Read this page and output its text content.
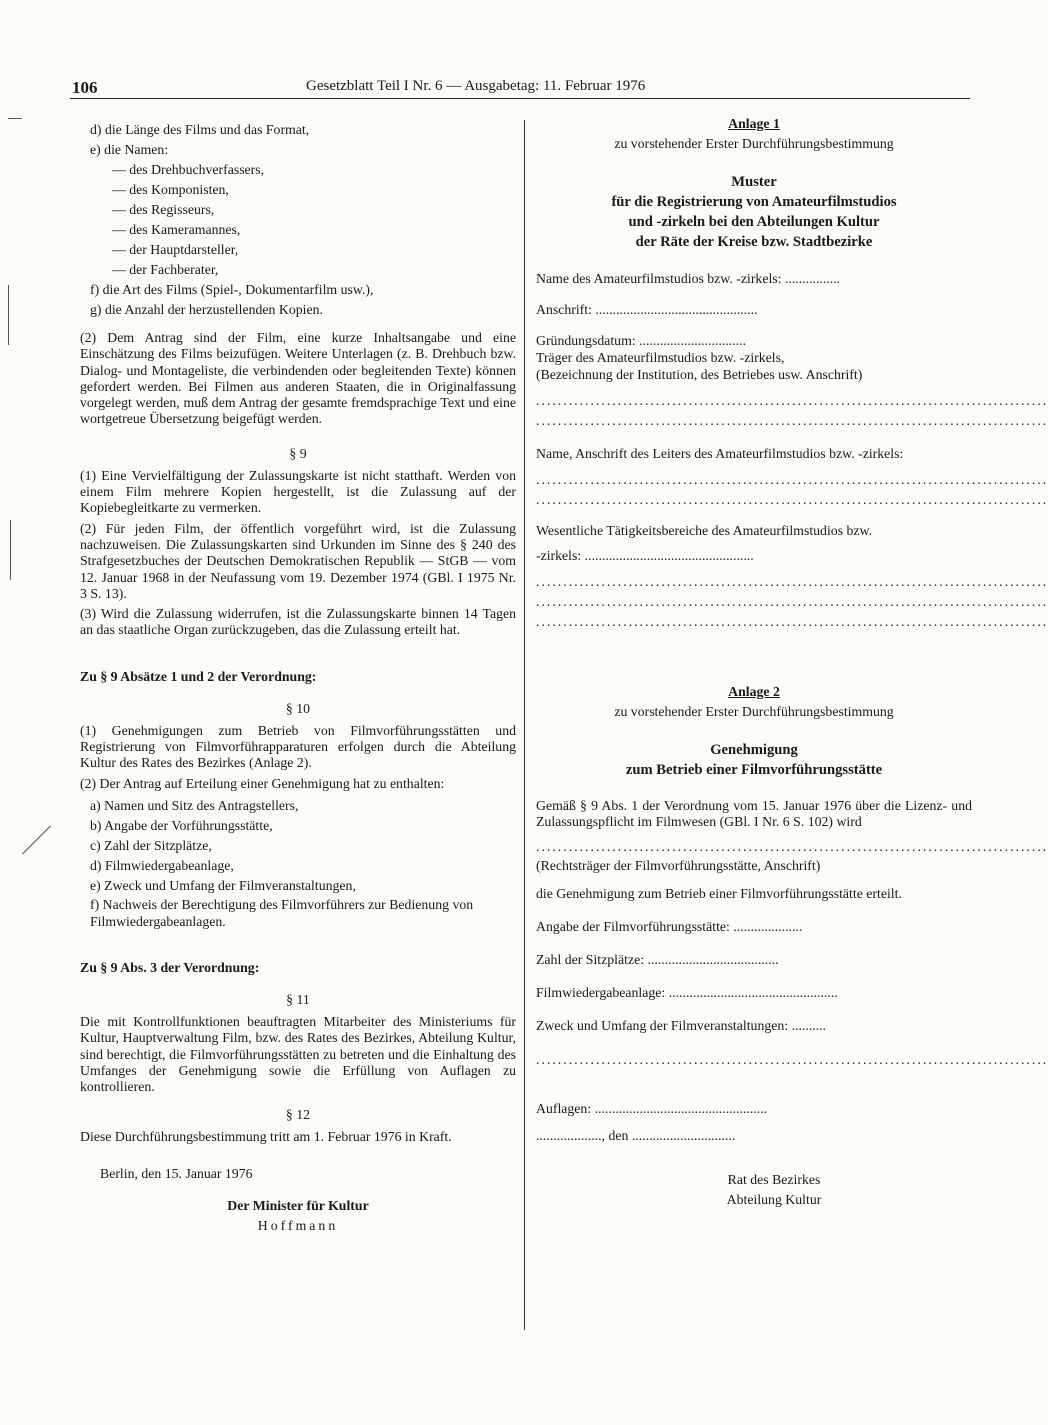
106	Gesetzblatt Teil I Nr. 6 — Ausgabetag: 11. Februar 1976

d) die Länge des Films und das Format,

e) die Namen:

— des Drehbuchverfassers,

— des Komponisten,

— des Regisseurs,

— des Kameramannes,

— der Hauptdarsteller,

— der Fachberater,

f) die Art des Films (Spiel-, Dokumentarfilm usw.),

g) die Anzahl der herzustellenden Kopien.

(2) Dem Antrag sind der Film, eine kurze Inhaltsangabe und eine Einschätzung des Films beizufügen. Weitere Unterlagen (z. B. Drehbuch bzw. Dialog- und Montageliste, die verbindenden oder begleitenden Texte) können gefordert werden. Bei Filmen aus anderen Staaten, die in Originalfassung vorgelegt werden, muß dem Antrag der gesamte fremdsprachige Text und eine wortgetreue Übersetzung beigefügt werden.

§ 9

(1) Eine Vervielfältigung der Zulassungskarte ist nicht statthaft. Werden von einem Film mehrere Kopien hergestellt, ist die Zulassung auf der Kopiebegleitkarte zu vermerken.

(2) Für jeden Film, der öffentlich vorgeführt wird, ist die Zulassung nachzuweisen. Die Zulassungskarten sind Urkunden im Sinne des § 240 des Strafgesetzbuches der Deutschen Demokratischen Republik — StGB — vom 12. Januar 1968 in der Neufassung vom 19. Dezember 1974 (GBl. I 1975 Nr. 3 S. 13).

(3) Wird die Zulassung widerrufen, ist die Zulassungskarte binnen 14 Tagen an das staatliche Organ zurückzugeben, das die Zulassung erteilt hat.

Zu § 9 Absätze 1 und 2 der Verordnung:

§ 10

(1) Genehmigungen zum Betrieb von Filmvorführungsstätten und Registrierung von Filmvorführapparaturen erfolgen durch die Abteilung Kultur des Rates des Bezirkes (Anlage 2).

(2) Der Antrag auf Erteilung einer Genehmigung hat zu enthalten:

a) Namen und Sitz des Antragstellers,

b) Angabe der Vorführungsstätte,

c) Zahl der Sitzplätze,

d) Filmwiedergabeanlage,

e) Zweck und Umfang der Filmveranstaltungen,

f) Nachweis der Berechtigung des Filmvorführers zur Bedienung von Filmwiedergabeanlagen.

Zu § 9 Abs. 3 der Verordnung:

§ 11

Die mit Kontrollfunktionen beauftragten Mitarbeiter des Ministeriums für Kultur, Hauptverwaltung Film, bzw. des Rates des Bezirkes, Abteilung Kultur, sind berechtigt, die Filmvorführungsstätten zu betreten und die Einhaltung des Umfanges der Genehmigung sowie die Erfüllung von Auflagen zu kontrollieren.

§ 12

Diese Durchführungsbestimmung tritt am 1. Februar 1976 in Kraft.

Berlin, den 15. Januar 1976

Der Minister für Kultur

Hoffmann

Anlage 1
zu vorstehender Erster Durchführungsbestimmung
Muster
für die Registrierung von Amateurfilmstudios
und -zirkeln bei den Abteilungen Kultur
der Räte der Kreise bzw. Stadtbezirke

Name des Amateurfilmstudios bzw. -zirkels: ................

Anschrift: ...............................................

Gründungsdatum: ...............................

Träger des Amateurfilmstudios bzw. -zirkels,

(Bezeichnung der Institution, des Betriebes usw. Anschrift)

..............................................................................................
..............................................................................................

Name, Anschrift des Leiters des Amateurfilmstudios bzw. -zirkels:

..............................................................................................
..............................................................................................

Wesentliche Tätigkeitsbereiche des Amateurfilmstudios bzw.

-zirkels: .................................................

..............................................................................................
..............................................................................................
..............................................................................................
Anlage 2
zu vorstehender Erster Durchführungsbestimmung
Genehmigung
zum Betrieb einer Filmvorführungsstätte

Gemäß § 9 Abs. 1 der Verordnung vom 15. Januar 1976 über die Lizenz- und Zulassungspflicht im Filmwesen (GBl. I Nr. 6 S. 102) wird

..............................................................................................

(Rechtsträger der Filmvorführungsstätte, Anschrift)

die Genehmigung zum Betrieb einer Filmvorführungsstätte erteilt.

Angabe der Filmvorführungsstätte: ....................

Zahl der Sitzplätze: ......................................

Filmwiedergabeanlage: .................................................

Zweck und Umfang der Filmveranstaltungen: ..........

..............................................................................................

Auflagen: ..................................................

..................., den ..............................

Rat des Bezirkes
Abteilung Kultur
